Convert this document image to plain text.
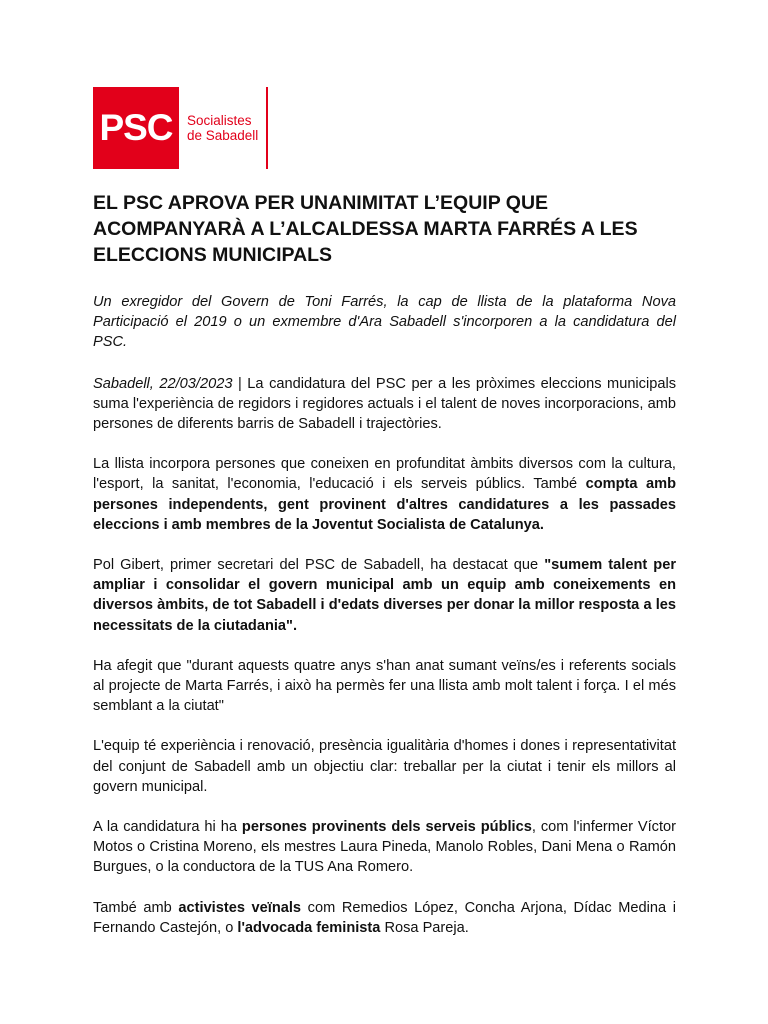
PSC	Socialistes
de Sabadell
EL PSC APROVA PER UNANIMITAT L’EQUIP QUE ACOMPANYARÀ A L’ALCALDESSA MARTA FARRÉS A LES ELECCIONS MUNICIPALS

Un exregidor del Govern de Toni Farrés, la cap de llista de la plataforma Nova Participació el 2019 o un exmembre d'Ara Sabadell s'incorporen a la candidatura del PSC.

Sabadell, 22/03/2023 | La candidatura del PSC per a les pròximes eleccions municipals suma l'experiència de regidors i regidores actuals i el talent de noves incorporacions, amb persones de diferents barris de Sabadell i trajectòries.

La llista incorpora persones que coneixen en profunditat àmbits diversos com la cultura, l'esport, la sanitat, l'economia, l'educació i els serveis públics. També compta amb persones independents, gent provinent d'altres candidatures a les passades eleccions i amb membres de la Joventut Socialista de Catalunya.

Pol Gibert, primer secretari del PSC de Sabadell, ha destacat que "sumem talent per ampliar i consolidar el govern municipal amb un equip amb coneixements en diversos àmbits, de tot Sabadell i d'edats diverses per donar la millor resposta a les necessitats de la ciutadania".

Ha afegit que "durant aquests quatre anys s'han anat sumant veïns/es i referents socials al projecte de Marta Farrés, i això ha permès fer una llista amb molt talent i força. I el més semblant a la ciutat"

L'equip té experiència i renovació, presència igualitària d'homes i dones i representativitat del conjunt de Sabadell amb un objectiu clar: treballar per la ciutat i tenir els millors al govern municipal.

A la candidatura hi ha persones provinents dels serveis públics, com l'infermer Víctor Motos o Cristina Moreno, els mestres Laura Pineda, Manolo Robles, Dani Mena o Ramón Burgues, o la conductora de la TUS Ana Romero.

També amb activistes veïnals com Remedios López, Concha Arjona, Dídac Medina i Fernando Castejón, o l'advocada feminista Rosa Pareja.
